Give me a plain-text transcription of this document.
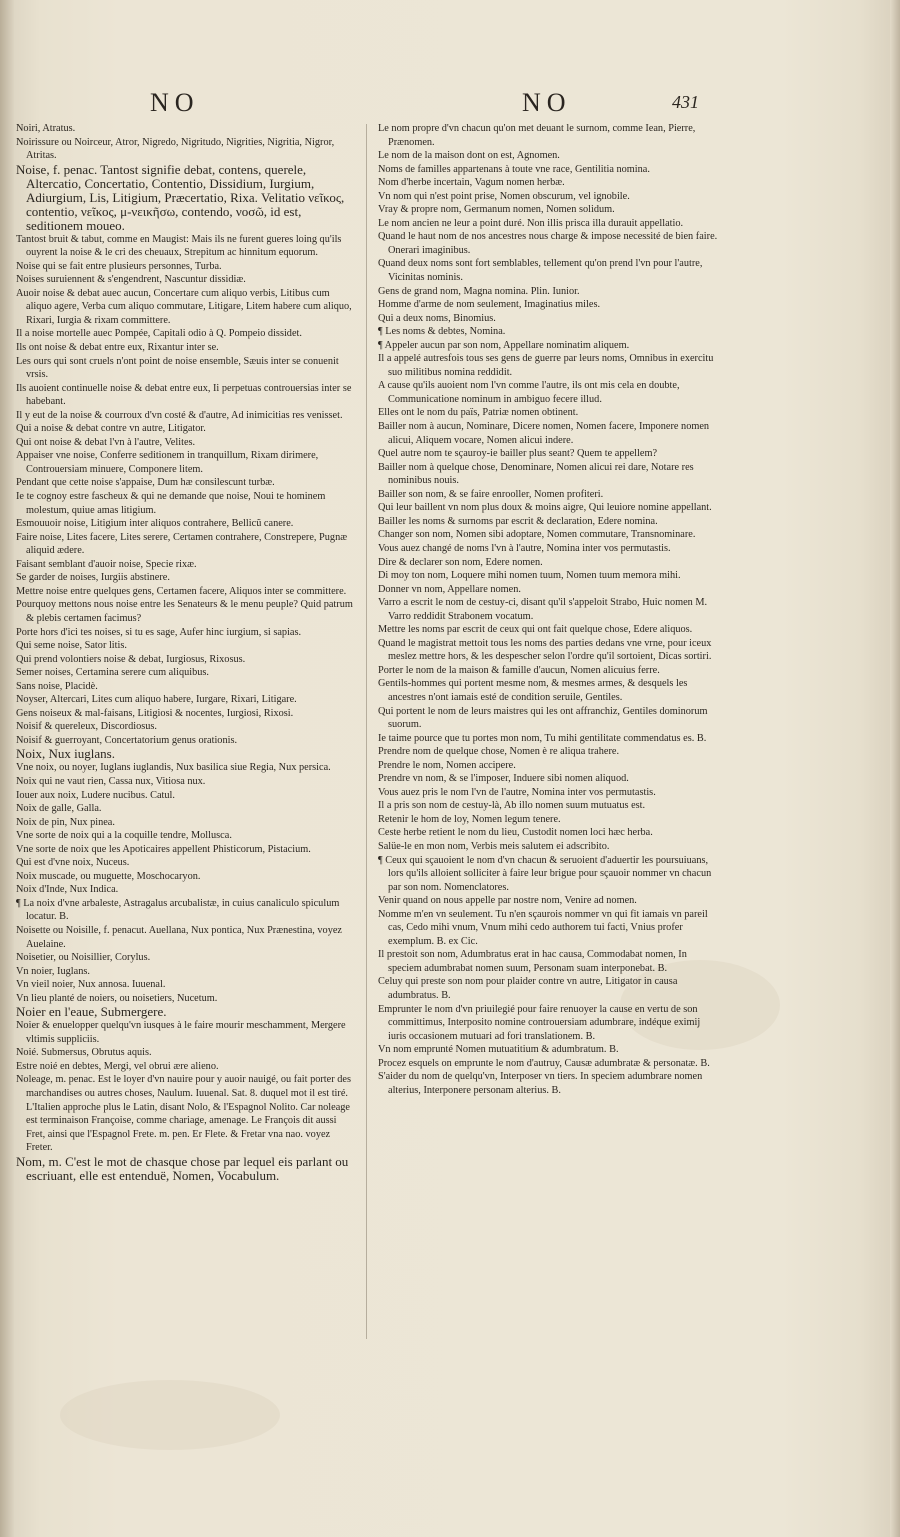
NO	NO	431

Noiri, Atratus.

Noirissure ou Noirceur, Atror, Nigredo, Nigritudo, Nigrities, Nigritia, Nigror, Atritas.

Noise, f. penac. Tantost signifie debat, contens, querele, Altercatio, Concertatio, Contentio, Dissidium, Iurgium, Adiurgium, Lis, Litigium, Præcertatio, Rixa. Velitatio νεῖκος, contentio, νεῖκος, μ-νεικῆσω, contendo, νοσῶ, id est, seditionem moueo.

Tantost bruit & tabut, comme en Maugist: Mais ils ne furent gueres loing qu'ils ouyrent la noise & le cri des cheuaux, Strepitum ac hinnitum equorum.

Noise qui se fait entre plusieurs personnes, Turba.

Noises suruiennent & s'engendrent, Nascuntur dissidiæ.

Auoir noise & debat auec aucun, Concertare cum aliquo verbis, Litibus cum aliquo agere, Verba cum aliquo commutare, Litigare, Litem habere cum aliquo, Rixari, Iurgia & rixam committere.

Il a noise mortelle auec Pompée, Capitali odio à Q. Pompeio dissidet.

Ils ont noise & debat entre eux, Rixantur inter se.

Les ours qui sont cruels n'ont point de noise ensemble, Sæuis inter se conuenit vrsis.

Ils auoient continuelle noise & debat entre eux, Ii perpetuas controuersias inter se habebant.

Il y eut de la noise & courroux d'vn costé & d'autre, Ad inimicitias res venisset.

Qui a noise & debat contre vn autre, Litigator.

Qui ont noise & debat l'vn à l'autre, Velites.

Appaiser vne noise, Conferre seditionem in tranquillum, Rixam dirimere, Controuersiam minuere, Componere litem.

Pendant que cette noise s'appaise, Dum hæ consilescunt turbæ.

Ie te cognoy estre fascheux & qui ne demande que noise, Noui te hominem molestum, quiue amas litigium.

Esmouuoir noise, Litigium inter aliquos contrahere, Bellicũ canere.

Faire noise, Lites facere, Lites serere, Certamen contrahere, Constrepere, Pugnæ aliquid ædere.

Faisant semblant d'auoir noise, Specie rixæ.

Se garder de noises, Iurgiis abstinere.

Mettre noise entre quelques gens, Certamen facere, Aliquos inter se committere.

Pourquoy mettons nous noise entre les Senateurs & le menu peuple? Quid patrum & plebis certamen facimus?

Porte hors d'ici tes noises, si tu es sage, Aufer hinc iurgium, si sapias.

Qui seme noise, Sator litis.

Qui prend volontiers noise & debat, Iurgiosus, Rixosus.

Semer noises, Certamina serere cum aliquibus.

Sans noise, Placidè.

Noyser, Altercari, Lites cum aliquo habere, Iurgare, Rixari, Litigare.

Gens noiseux & mal-faisans, Litigiosi & nocentes, Iurgiosi, Rixosi.

Noisif & quereleux, Discordiosus.

Noisif & guerroyant, Concertatorium genus orationis.

Noix, Nux iuglans.

Vne noix, ou noyer, Iuglans iuglandis, Nux basilica siue Regia, Nux persica.

Noix qui ne vaut rien, Cassa nux, Vitiosa nux.

Iouer aux noix, Ludere nucibus. Catul.

Noix de galle, Galla.

Noix de pin, Nux pinea.

Vne sorte de noix qui a la coquille tendre, Mollusca.

Vne sorte de noix que les Apoticaires appellent Phisticorum, Pistacium.

Qui est d'vne noix, Nuceus.

Noix muscade, ou muguette, Moschocaryon.

Noix d'Inde, Nux Indica.

¶ La noix d'vne arbaleste, Astragalus arcubalistæ, in cuius canaliculo spiculum locatur. B.

Noisette ou Noisille, f. penacut. Auellana, Nux pontica, Nux Prænestina, voyez Auelaine.

Noisetier, ou Noisillier, Corylus.

Vn noier, Iuglans.

Vn vieil noier, Nux annosa. Iuuenal.

Vn lieu planté de noiers, ou noisetiers, Nucetum.

Noier en l'eaue, Submergere.

Noier & enuelopper quelqu'vn iusques à le faire mourir meschamment, Mergere vltimis suppliciis.

Noié. Submersus, Obrutus aquis.

Estre noié en debtes, Mergi, vel obrui ære alieno.

Noleage, m. penac. Est le loyer d'vn nauire pour y auoir nauigé, ou fait porter des marchandises ou autres choses, Naulum. Iuuenal. Sat. 8. duquel mot il est tiré. L'Italien approche plus le Latin, disant Nolo, & l'Espagnol Nolito. Car noleage est terminaison Françoise, comme chariage, amenage. Le François dit aussi Fret, ainsi que l'Espagnol Frete. m. pen. Er Flete. & Fretar vna nao. voyez Freter.

Nom, m. C'est le mot de chasque chose par lequel eis parlant ou escriuant, elle est entenduë, Nomen, Vocabulum.

Le nom propre d'vn chacun qu'on met deuant le surnom, comme Iean, Pierre, Prænomen.

Le nom de la maison dont on est, Agnomen.

Noms de familles appartenans à toute vne race, Gentilitia nomina.

Nom d'herbe incertain, Vagum nomen herbæ.

Vn nom qui n'est point prise, Nomen obscurum, vel ignobile.

Vray & propre nom, Germanum nomen, Nomen solidum.

Le nom ancien ne leur a point duré. Non illis prisca illa durauit appellatio.

Quand le haut nom de nos ancestres nous charge & impose necessité de bien faire. Onerari imaginibus.

Quand deux noms sont fort semblables, tellement qu'on prend l'vn pour l'autre, Vicinitas nominis.

Gens de grand nom, Magna nomina. Plin. Iunior.

Homme d'arme de nom seulement, Imaginatius miles.

Qui a deux noms, Binomius.

¶ Les noms & debtes, Nomina.

¶ Appeler aucun par son nom, Appellare nominatim aliquem.

Il a appelé autresfois tous ses gens de guerre par leurs noms, Omnibus in exercitu suo militibus nomina reddidit.

A cause qu'ils auoient nom l'vn comme l'autre, ils ont mis cela en doubte, Communicatione nominum in ambiguo fecere illud.

Elles ont le nom du païs, Patriæ nomen obtinent.

Bailler nom à aucun, Nominare, Dicere nomen, Nomen facere, Imponere nomen alicui, Aliquem vocare, Nomen alicui indere.

Quel autre nom te sçauroy-ie bailler plus seant? Quem te appellem?

Bailler nom à quelque chose, Denominare, Nomen alicui rei dare, Notare res nominibus nouis.

Bailler son nom, & se faire enrooller, Nomen profiteri.

Qui leur baillent vn nom plus doux & moins aigre, Qui leuiore nomine appellant.

Bailler les noms & surnoms par escrit & declaration, Edere nomina.

Changer son nom, Nomen sibi adoptare, Nomen commutare, Transnominare.

Vous auez changé de noms l'vn à l'autre, Nomina inter vos permutastis.

Dire & declarer son nom, Edere nomen.

Di moy ton nom, Loquere mihi nomen tuum, Nomen tuum memora mihi.

Donner vn nom, Appellare nomen.

Varro a escrit le nom de cestuy-ci, disant qu'il s'appeloit Strabo, Huic nomen M. Varro reddidit Strabonem vocatum.

Mettre les noms par escrit de ceux qui ont fait quelque chose, Edere aliquos.

Quand le magistrat mettoit tous les noms des parties dedans vne vrne, pour iceux meslez mettre hors, & les despescher selon l'ordre qu'il sortoient, Dicas sortiri.

Porter le nom de la maison & famille d'aucun, Nomen alicuius ferre.

Gentils-hommes qui portent mesme nom, & mesmes armes, & desquels les ancestres n'ont iamais esté de condition seruile, Gentiles.

Qui portent le nom de leurs maistres qui les ont affranchiz, Gentiles dominorum suorum.

Ie taime pource que tu portes mon nom, Tu mihi gentilitate commendatus es. B.

Prendre nom de quelque chose, Nomen è re aliqua trahere.

Prendre le nom, Nomen accipere.

Prendre vn nom, & se l'imposer, Induere sibi nomen aliquod.

Vous auez pris le nom l'vn de l'autre, Nomina inter vos permutastis.

Il a pris son nom de cestuy-là, Ab illo nomen suum mutuatus est.

Retenir le hom de loy, Nomen legum tenere.

Ceste herbe retient le nom du lieu, Custodit nomen loci hæc herba.

Salüe-le en mon nom, Verbis meis salutem ei adscribito.

¶ Ceux qui sçauoient le nom d'vn chacun & seruoient d'aduertir les poursuiuans, lors qu'ils alloient solliciter à faire leur brigue pour sçauoir nommer vn chacun par son nom. Nomenclatores.

Venir quand on nous appelle par nostre nom, Venire ad nomen.

Nomme m'en vn seulement. Tu n'en sçaurois nommer vn qui fit iamais vn pareil cas, Cedo mihi vnum, Vnum mihi cedo authorem tui facti, Vnius profer exemplum. B. ex Cic.

Il prestoit son nom, Adumbratus erat in hac causa, Commodabat nomen, In speciem adumbrabat nomen suum, Personam suam interponebat. B.

Celuy qui preste son nom pour plaider contre vn autre, Litigator in causa adumbratus. B.

Emprunter le nom d'vn priuilegié pour faire renuoyer la cause en vertu de son committimus, Interposito nomine controuersiam adumbrare, indéque eximij iuris occasionem mutuari ad fori translationem. B.

Vn nom emprunté Nomen mutuatitium & adumbratum. B.

Procez esquels on emprunte le nom d'autruy, Causæ adumbratæ & personatæ. B.

S'aider du nom de quelqu'vn, Interposer vn tiers. In speciem adumbrare nomen alterius, Interponere personam alterius. B.
